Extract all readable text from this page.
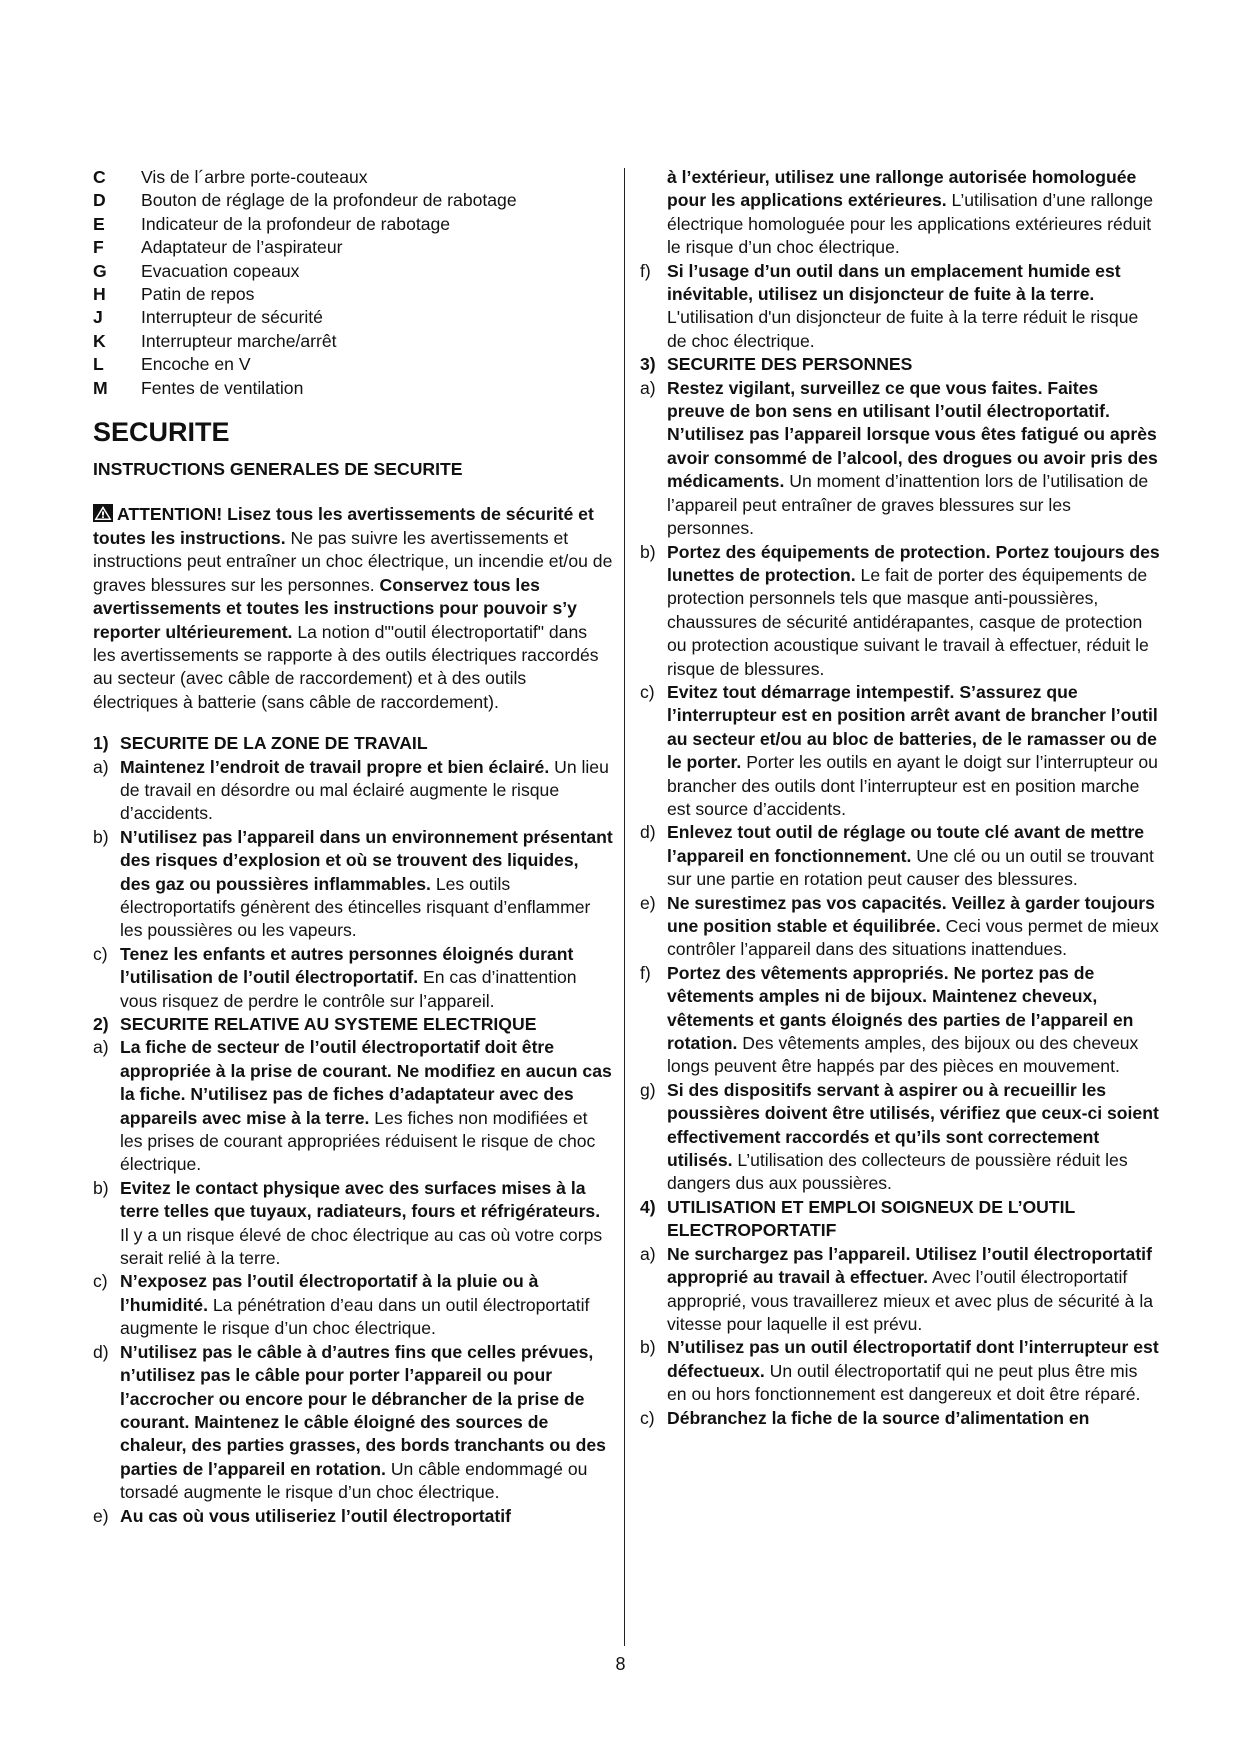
C	Vis de l´arbre porte-couteaux
D	Bouton de réglage de la profondeur de rabotage
E	Indicateur de la profondeur de rabotage
F	Adaptateur de l’aspirateur
G	Evacuation copeaux
H	Patin de repos
J	Interrupteur de sécurité
K	Interrupteur marche/arrêt
L	Encoche en V
M	Fentes de ventilation
SECURITE
INSTRUCTIONS GENERALES DE SECURITE
ATTENTION! Lisez tous les avertissements de sécurité et toutes les instructions. Ne pas suivre les avertissements et instructions peut entraîner un choc électrique, un incendie et/ou de graves blessures sur les personnes. Conservez tous les avertissements et toutes les instructions pour pouvoir s’y reporter ultérieurement. La notion d'"outil électroportatif" dans les avertissements se rapporte à des outils électriques raccordés au secteur (avec câble de raccordement) et à des outils électriques à batterie (sans câble de raccordement).
1) SECURITE DE LA ZONE DE TRAVAIL
a) Maintenez l’endroit de travail propre et bien éclairé. Un lieu de travail en désordre ou mal éclairé augmente le risque d’accidents.
b) N’utilisez pas l’appareil dans un environnement présentant des risques d’explosion et où se trouvent des liquides, des gaz ou poussières inflammables. Les outils électroportatifs génèrent des étincelles risquant d’enflammer les poussières ou les vapeurs.
c) Tenez les enfants et autres personnes éloignés durant l’utilisation de l’outil électroportatif. En cas d’inattention vous risquez de perdre le contrôle sur l’appareil.
2) SECURITE RELATIVE AU SYSTEME ELECTRIQUE
a) La fiche de secteur de l’outil électroportatif doit être appropriée à la prise de courant. Ne modifiez en aucun cas la fiche. N’utilisez pas de fiches d’adaptateur avec des appareils avec mise à la terre. Les fiches non modifiées et les prises de courant appropriées réduisent le risque de choc électrique.
b) Evitez le contact physique avec des surfaces mises à la terre telles que tuyaux, radiateurs, fours et réfrigérateurs. Il y a un risque élevé de choc électrique au cas où votre corps serait relié à la terre.
c) N’exposez pas l’outil électroportatif à la pluie ou à l’humidité. La pénétration d’eau dans un outil électroportatif augmente le risque d’un choc électrique.
d) N’utilisez pas le câble à d’autres fins que celles prévues, n’utilisez pas le câble pour porter l’appareil ou pour l’accrocher ou encore pour le débrancher de la prise de courant. Maintenez le câble éloigné des sources de chaleur, des parties grasses, des bords tranchants ou des parties de l’appareil en rotation. Un câble endommagé ou torsadé augmente le risque d’un choc électrique.
e) Au cas où vous utiliseriez l’outil électroportatif
à l’extérieur, utilisez une rallonge autorisée homologuée pour les applications extérieures. L’utilisation d’une rallonge électrique homologuée pour les applications extérieures réduit le risque d’un choc électrique.
f) Si l’usage d’un outil dans un emplacement humide est inévitable, utilisez un disjoncteur de fuite à la terre. L'utilisation d'un disjoncteur de fuite à la terre réduit le risque de choc électrique.
3) SECURITE DES PERSONNES
a) Restez vigilant, surveillez ce que vous faites. Faites preuve de bon sens en utilisant l’outil électroportatif. N’utilisez pas l’appareil lorsque vous êtes fatigué ou après avoir consommé de l’alcool, des drogues ou avoir pris des médicaments. Un moment d’inattention lors de l’utilisation de l’appareil peut entraîner de graves blessures sur les personnes.
b) Portez des équipements de protection. Portez toujours des lunettes de protection. Le fait de porter des équipements de protection personnels tels que masque anti-poussières, chaussures de sécurité antidérapantes, casque de protection ou protection acoustique suivant le travail à effectuer, réduit le risque de blessures.
c) Evitez tout démarrage intempestif. S’assurez que l’interrupteur est en position arrêt avant de brancher l’outil au secteur et/ou au bloc de batteries, de le ramasser ou de le porter. Porter les outils en ayant le doigt sur l’interrupteur ou brancher des outils dont l’interrupteur est en position marche est source d’accidents.
d) Enlevez tout outil de réglage ou toute clé avant de mettre l’appareil en fonctionnement. Une clé ou un outil se trouvant sur une partie en rotation peut causer des blessures.
e) Ne surestimez pas vos capacités. Veillez à garder toujours une position stable et équilibrée. Ceci vous permet de mieux contrôler l’appareil dans des situations inattendues.
f) Portez des vêtements appropriés. Ne portez pas de vêtements amples ni de bijoux. Maintenez cheveux, vêtements et gants éloignés des parties de l’appareil en rotation. Des vêtements amples, des bijoux ou des cheveux longs peuvent être happés par des pièces en mouvement.
g) Si des dispositifs servant à aspirer ou à recueillir les poussières doivent être utilisés, vérifiez que ceux-ci soient effectivement raccordés et qu’ils sont correctement utilisés. L’utilisation des collecteurs de poussière réduit les dangers dus aux poussières.
4) UTILISATION ET EMPLOI SOIGNEUX DE L’OUTIL ELECTROPORTATIF
a) Ne surchargez pas l’appareil. Utilisez l’outil électroportatif approprié au travail à effectuer. Avec l’outil électroportatif approprié, vous travaillerez mieux et avec plus de sécurité à la vitesse pour laquelle il est prévu.
b) N’utilisez pas un outil électroportatif dont l’interrupteur est défectueux. Un outil électroportatif qui ne peut plus être mis en ou hors fonctionnement est dangereux et doit être réparé.
c) Débranchez la fiche de la source d’alimentation en
8
